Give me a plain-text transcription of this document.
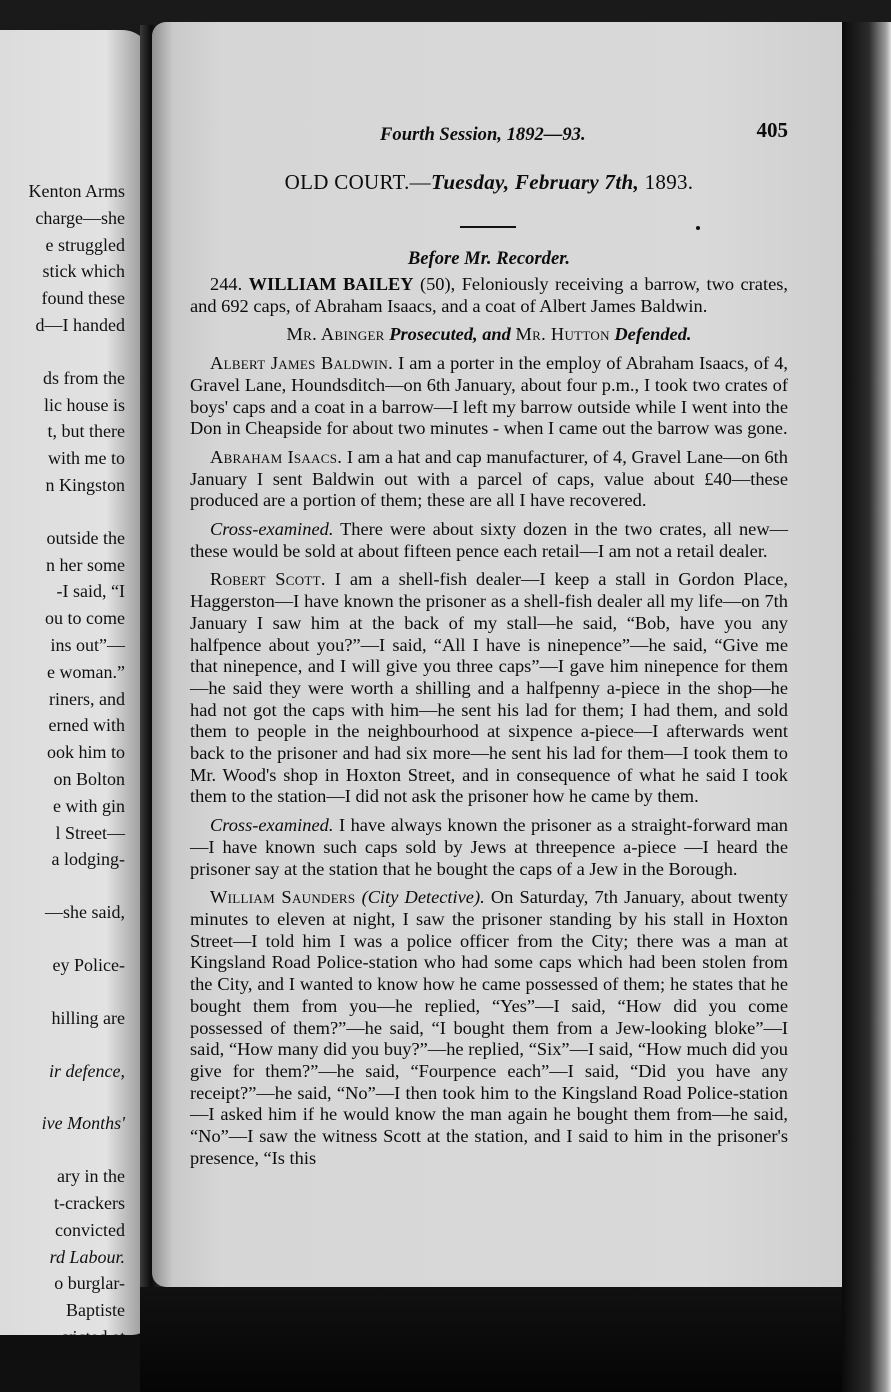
Kenton Arms
charge—she
e struggled
stick which
found these
d—I handed
ds from the
lic house is
t, but there
with me to
n Kingston
outside the
n her some
-I said, “I
ou to come
ins out”—
e woman.”
riners, and
erned with
ook him to
on Bolton
e with gin
l Street—
a lodging-
—she said,
ey Police-
hilling are
ir defence,
ive Months'
ary in the
t-crackers
convicted
rd Labour.
o burglar-
Baptiste
victed at
AGGIS—
Fourth Session, 1892—93.	405
OLD COURT.—Tuesday, February 7th, 1893.
Before Mr. Recorder.

244. WILLIAM BAILEY (50), Feloniously receiving a barrow, two crates, and 692 caps, of Abraham Isaacs, and a coat of Albert James Baldwin.

Mr. Abinger Prosecuted, and Mr. Hutton Defended.

Albert James Baldwin. I am a porter in the employ of Abraham Isaacs, of 4, Gravel Lane, Houndsditch—on 6th January, about four p.m., I took two crates of boys' caps and a coat in a barrow—I left my barrow outside while I went into the Don in Cheapside for about two minutes - when I came out the barrow was gone.

Abraham Isaacs. I am a hat and cap manufacturer, of 4, Gravel Lane—on 6th January I sent Baldwin out with a parcel of caps, value about £40—these produced are a portion of them; these are all I have recovered.

Cross-examined. There were about sixty dozen in the two crates, all new—these would be sold at about fifteen pence each retail—I am not a retail dealer.

Robert Scott. I am a shell-fish dealer—I keep a stall in Gordon Place, Haggerston—I have known the prisoner as a shell-fish dealer all my life—on 7th January I saw him at the back of my stall—he said, “Bob, have you any halfpence about you?”—I said, “All I have is ninepence”—he said, “Give me that ninepence, and I will give you three caps”—I gave him ninepence for them—he said they were worth a shilling and a halfpenny a-piece in the shop—he had not got the caps with him—he sent his lad for them; I had them, and sold them to people in the neighbourhood at sixpence a-piece—I afterwards went back to the prisoner and had six more—he sent his lad for them—I took them to Mr. Wood's shop in Hoxton Street, and in consequence of what he said I took them to the station—I did not ask the prisoner how he came by them.

Cross-examined. I have always known the prisoner as a straight-forward man—I have known such caps sold by Jews at threepence a-piece —I heard the prisoner say at the station that he bought the caps of a Jew in the Borough.

William Saunders (City Detective). On Saturday, 7th January, about twenty minutes to eleven at night, I saw the prisoner standing by his stall in Hoxton Street—I told him I was a police officer from the City; there was a man at Kingsland Road Police-station who had some caps which had been stolen from the City, and I wanted to know how he came possessed of them; he states that he bought them from you—he replied, “Yes”—I said, “How did you come possessed of them?”—he said, “I bought them from a Jew-looking bloke”—I said, “How many did you buy?”—he replied, “Six”—I said, “How much did you give for them?”—he said, “Fourpence each”—I said, “Did you have any receipt?”—he said, “No”—I then took him to the Kingsland Road Police-station—I asked him if he would know the man again he bought them from—he said, “No”—I saw the witness Scott at the station, and I said to him in the prisoner's presence, “Is this
